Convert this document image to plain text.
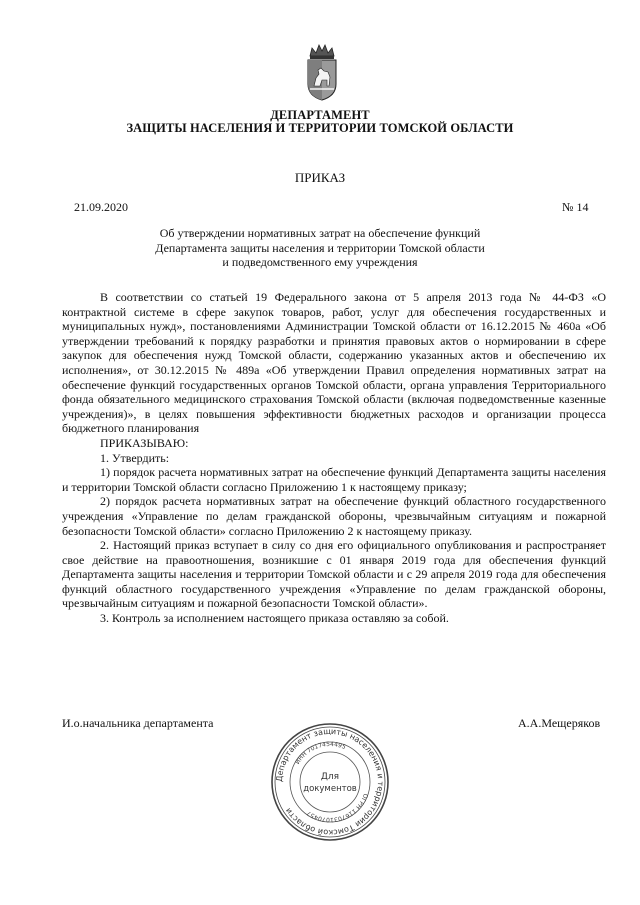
ДЕПАРТАМЕНТ
ЗАЩИТЫ НАСЕЛЕНИЯ И ТЕРРИТОРИИ ТОМСКОЙ ОБЛАСТИ
ПРИКАЗ
21.09.2020	№ 14
Об утверждении нормативных затрат на обеспечение функций
Департамента защиты населения и территории Томской области
и подведомственного ему учреждения

В соответствии со статьей 19 Федерального закона от 5 апреля 2013 года № 44-ФЗ «О контрактной системе в сфере закупок товаров, работ, услуг для обеспечения государственных и муниципальных нужд», постановлениями Администрации Томской области от 16.12.2015 № 460а «Об утверждении требований к порядку разработки и принятия правовых актов о нормировании в сфере закупок для обеспечения нужд Томской области, содержанию указанных актов и обеспечению их исполнения», от 30.12.2015 № 489а «Об утверждении Правил определения нормативных затрат на обеспечение функций государственных органов Томской области, органа управления Территориального фонда обязательного медицинского страхования Томской области (включая подведомственные казенные учреждения)», в целях повышения эффективности бюджетных расходов и организации процесса бюджетного планирования

ПРИКАЗЫВАЮ:

1. Утвердить:

1) порядок расчета нормативных затрат на обеспечение функций Департамента защиты населения и территории Томской области согласно Приложению 1 к настоящему приказу;

2) порядок расчета нормативных затрат на обеспечение функций областного государственного учреждения «Управление по делам гражданской обороны, чрезвычайным ситуациям и пожарной безопасности Томской области» согласно Приложению 2 к настоящему приказу.

2. Настоящий приказ вступает в силу со дня его официального опубликования и распространяет свое действие на правоотношения, возникшие с 01 января 2019 года для обеспечения функций Департамента защиты населения и территории Томской области и с 29 апреля 2019 года для обеспечения функций областного государственного учреждения «Управление по делам гражданской обороны, чрезвычайным ситуациям и пожарной безопасности Томской области».

3. Контроль за исполнением настоящего приказа оставляю за собой.

И.о.начальника департамента	А.А.Мещеряков
Департамент защиты населения и территории Томской области
ОГРН 1167031070457
ИНН 7017454495
Для
документов
